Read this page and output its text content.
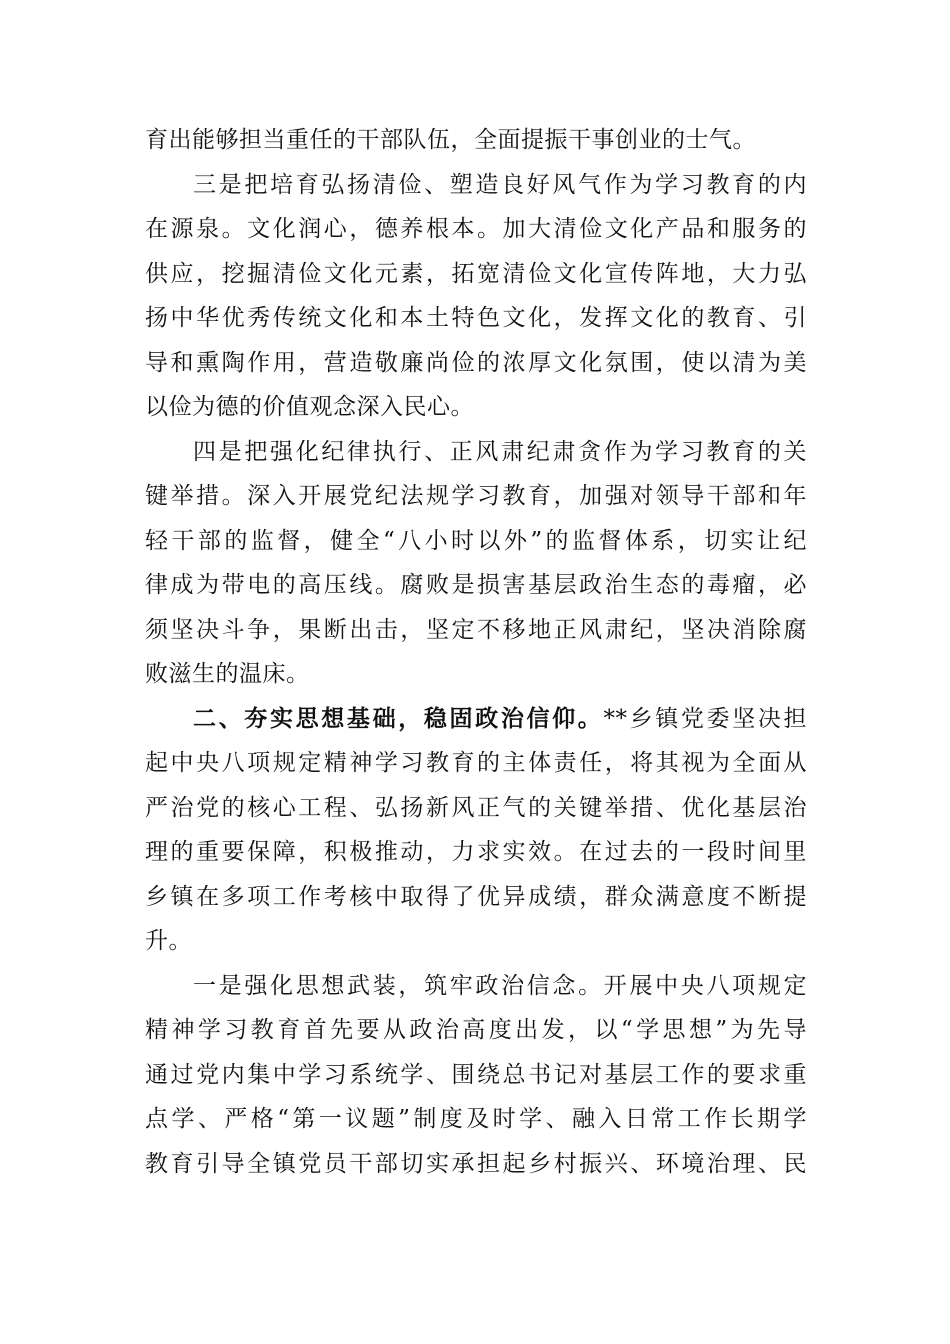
育出能够担当重任的干部队伍，全面提振干事创业的士气。
三是把培育弘扬清俭、塑造良好风气作为学习教育的内
在源泉。文化润心，德养根本。加大清俭文化产品和服务的
供应，挖掘清俭文化元素，拓宽清俭文化宣传阵地，大力弘
扬中华优秀传统文化和本土特色文化，发挥文化的教育、引
导和熏陶作用，营造敬廉尚俭的浓厚文化氛围，使以清为美
以俭为德的价值观念深入民心。
四是把强化纪律执行、正风肃纪肃贪作为学习教育的关
键举措。深入开展党纪法规学习教育，加强对领导干部和年
轻干部的监督，健全“八小时以外”的监督体系，切实让纪
律成为带电的高压线。腐败是损害基层政治生态的毒瘤，必
须坚决斗争，果断出击，坚定不移地正风肃纪，坚决消除腐
败滋生的温床。
二、夯实思想基础，稳固政治信仰。**乡镇党委坚决担
起中央八项规定精神学习教育的主体责任，将其视为全面从
严治党的核心工程、弘扬新风正气的关键举措、优化基层治
理的重要保障，积极推动，力求实效。在过去的一段时间里
乡镇在多项工作考核中取得了优异成绩，群众满意度不断提
升。
一是强化思想武装，筑牢政治信念。开展中央八项规定
精神学习教育首先要从政治高度出发，以“学思想”为先导
通过党内集中学习系统学、围绕总书记对基层工作的要求重
点学、严格“第一议题”制度及时学、融入日常工作长期学
教育引导全镇党员干部切实承担起乡村振兴、环境治理、民
